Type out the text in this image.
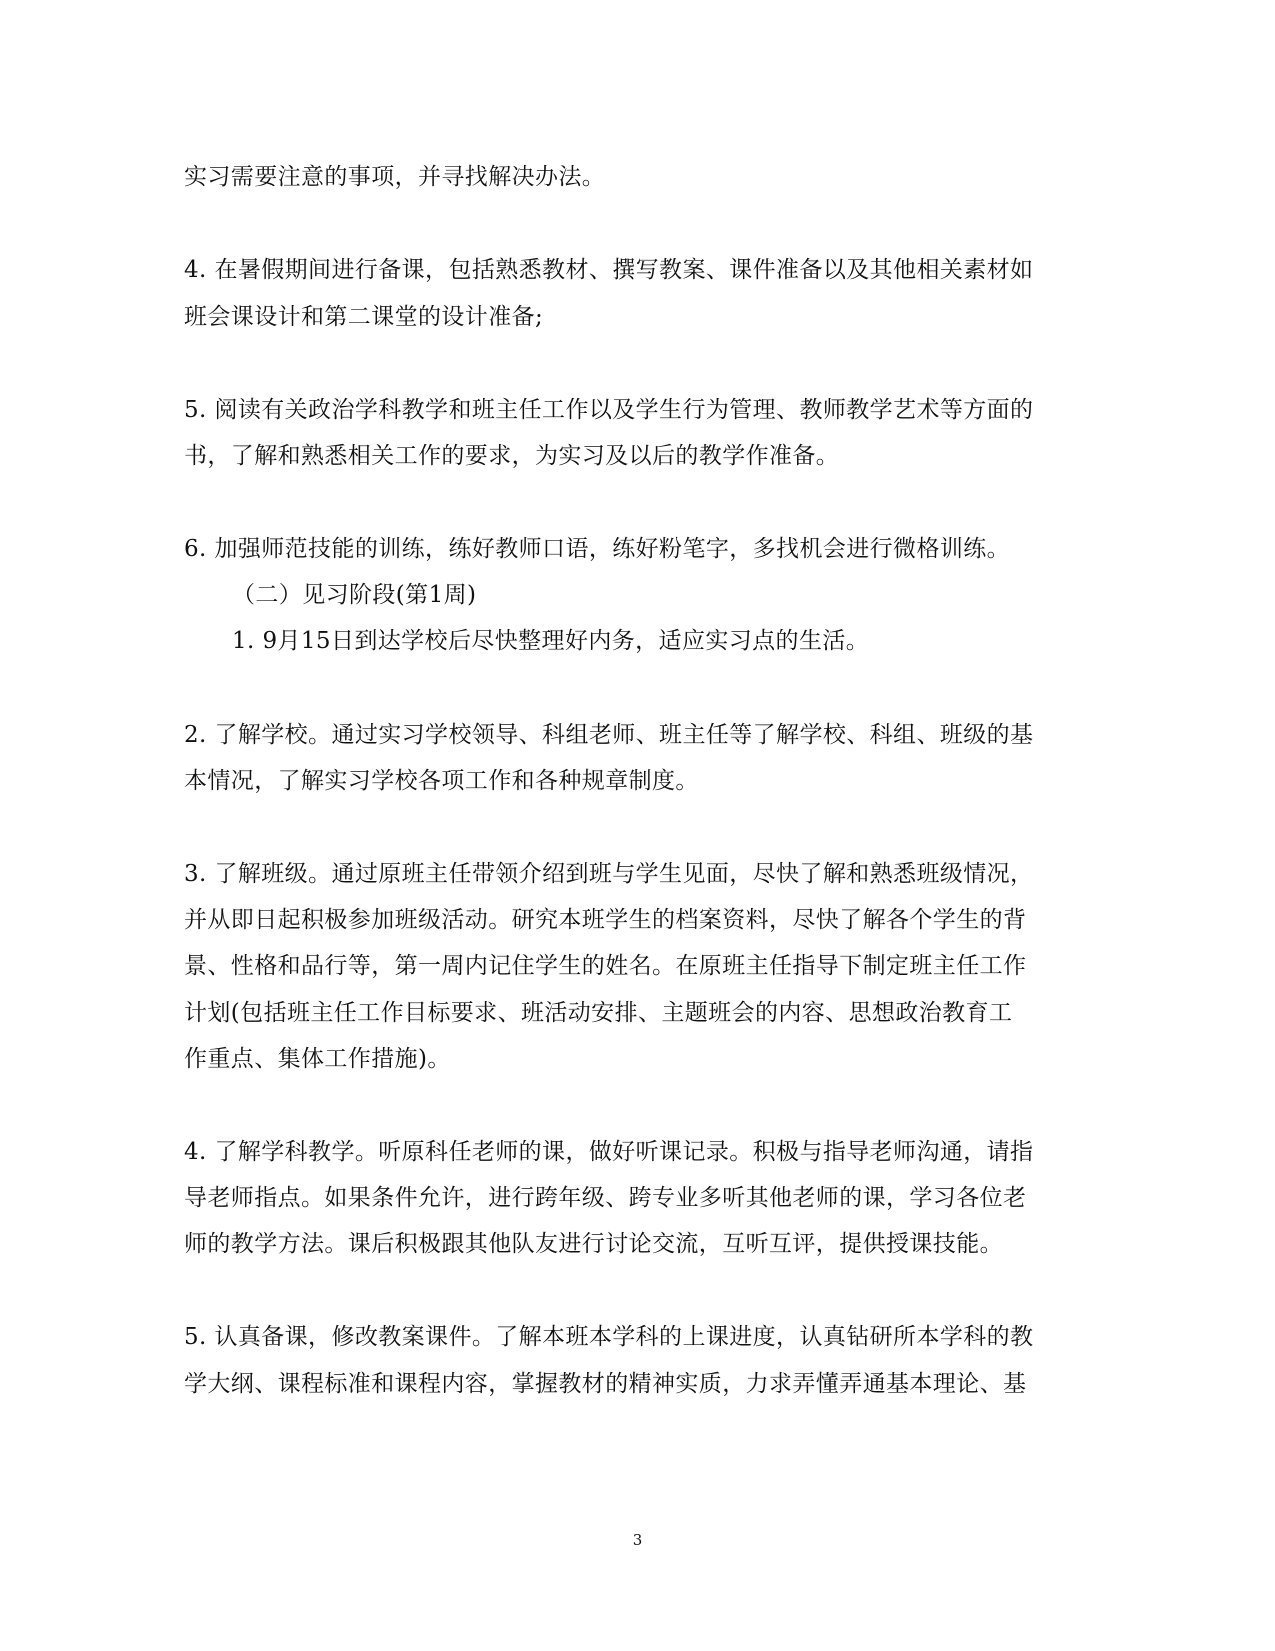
实习需要注意的事项，并寻找解决办法。
4. 在暑假期间进行备课，包括熟悉教材、撰写教案、课件准备以及其他相关素材如
班会课设计和第二课堂的设计准备;
5. 阅读有关政治学科教学和班主任工作以及学生行为管理、教师教学艺术等方面的
书，了解和熟悉相关工作的要求，为实习及以后的教学作准备。
6. 加强师范技能的训练，练好教师口语，练好粉笔字，多找机会进行微格训练。
（二）见习阶段(第1周)
1. 9月15日到达学校后尽快整理好内务，适应实习点的生活。
2. 了解学校。通过实习学校领导、科组老师、班主任等了解学校、科组、班级的基
本情况，了解实习学校各项工作和各种规章制度。
3. 了解班级。通过原班主任带领介绍到班与学生见面，尽快了解和熟悉班级情况，
并从即日起积极参加班级活动。研究本班学生的档案资料，尽快了解各个学生的背
景、性格和品行等，第一周内记住学生的姓名。在原班主任指导下制定班主任工作
计划(包括班主任工作目标要求、班活动安排、主题班会的内容、思想政治教育工
作重点、集体工作措施)。
4. 了解学科教学。听原科任老师的课，做好听课记录。积极与指导老师沟通，请指
导老师指点。如果条件允许，进行跨年级、跨专业多听其他老师的课，学习各位老
师的教学方法。课后积极跟其他队友进行讨论交流，互听互评，提供授课技能。
5. 认真备课，修改教案课件。了解本班本学科的上课进度，认真钻研所本学科的教
学大纲、课程标准和课程内容，掌握教材的精神实质，力求弄懂弄通基本理论、基
3
